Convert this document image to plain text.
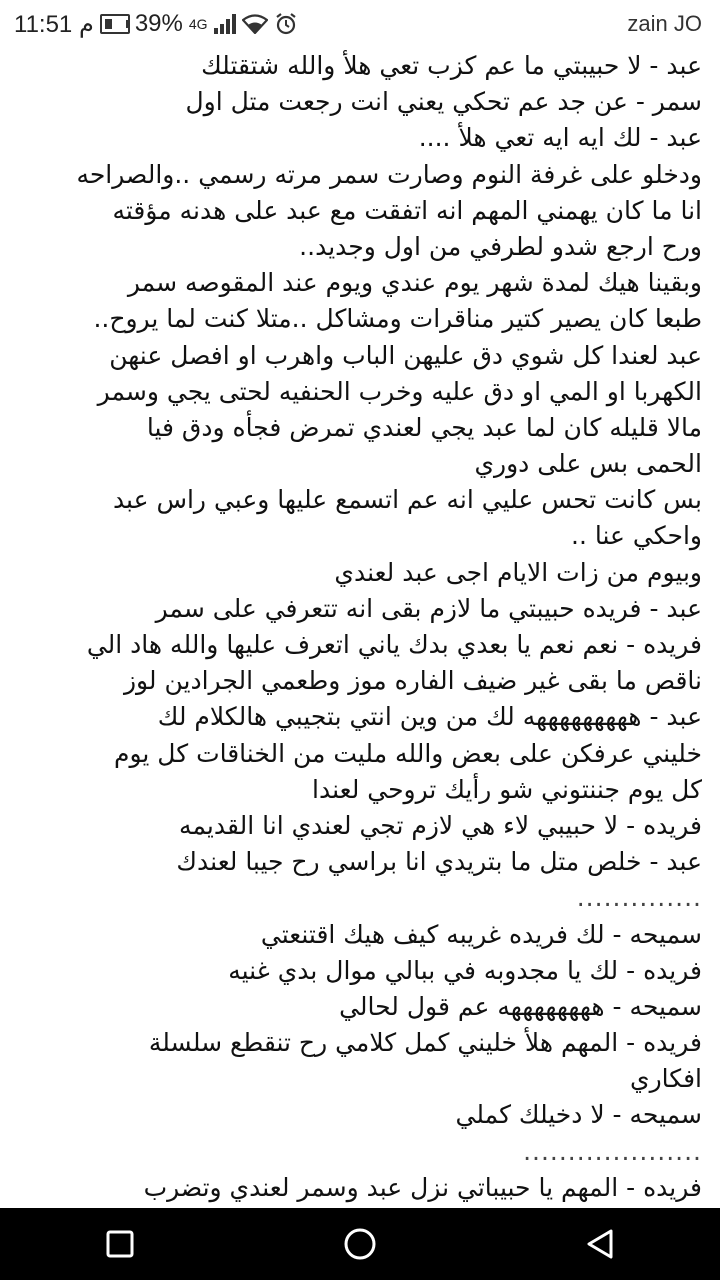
11:51 م 39% 4G	zain JO
عبد - لا حبيبتي ما عم كزب تعي هلأ والله شتقتلك
سمر - عن جد عم تحكي يعني انت رجعت متل اول
عبد - لك ايه ايه تعي هلأ ....
ودخلو على غرفة النوم وصارت سمر مرته رسمي ..والصراحه
انا ما كان يهمني المهم انه اتفقت مع عبد على هدنه مؤقته
ورح ارجع شدو لطرفي من اول وجديد..
وبقينا هيك لمدة شهر يوم عندي ويوم عند المقوصه سمر
طبعا كان يصير كتير مناقرات ومشاكل ..متلا كنت لما يروح..
عبد لعندا كل شوي دق عليهن الباب واهرب او افصل عنهن
الكهربا او المي او دق عليه وخرب الحنفيه لحتى يجي وسمر
مالا قليله كان لما عبد يجي لعندي تمرض فجأه ودق فيا
الحمى بس على دوري
بس كانت تحس عليي انه عم اتسمع عليها وعبي راس عبد
واحكي عنا ..
وبيوم من زات الايام اجى عبد لعندي
عبد - فريده حبيبتي ما لازم بقى انه تتعرفي على سمر
فريده - نعم نعم يا بعدي بدك ياني اتعرف عليها والله هاد الي
ناقص ما بقى غير ضيف الفاره موز وطعمي الجرادين لوز
عبد - هههههههههه لك من وين انتي بتجيبي هالكلام لك
خليني عرفكن على بعض والله مليت من الخناقات كل يوم
كل يوم جننتوني شو رأيك تروحي لعندا
فريده - لا حبيبي لاء هي لازم تجي لعندي انا القديمه
عبد - خلص متل ما بتريدي انا براسي رح جيبا لعندك
..............
سميحه - لك فريده غريبه كيف هيك اقتنعتي
فريده - لك يا مجدوبه في ببالي موال بدي غنيه
سميحه - ههههههههه عم قول لحالي
فريده - المهم هلأ خليني كمل كلامي رح تنقطع سلسلة
افكاري
سميحه - لا دخيلك كملي
....................
فريده - المهم يا حبيباتي نزل عبد وسمر لعندي وتضرب
